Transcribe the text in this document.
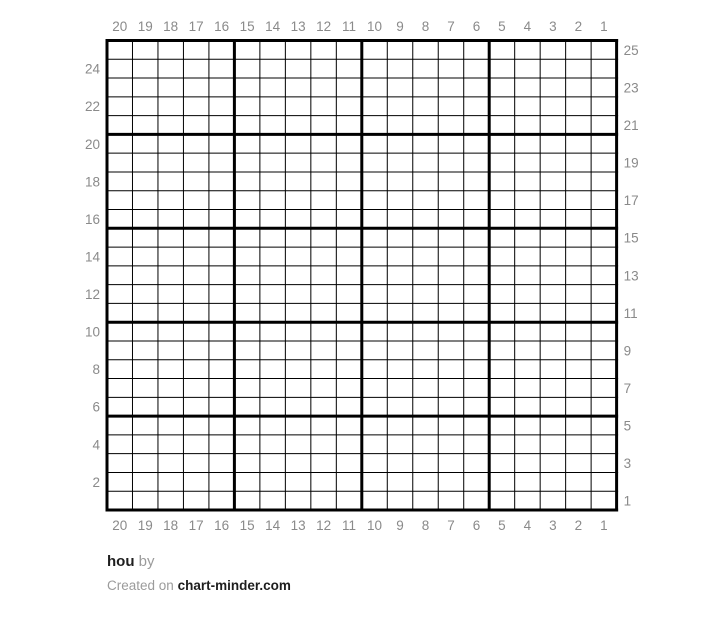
20 19 18 17 16 15 14 13 12 11 10 9 8 7 6 5 4 3 2 1
20 19 18 17 16 15 14 13 12 11 10 9 8 7 6 5 4 3 2 1
24
22
20
18
16
14
12
10
8
6
4
2
25
23
21
19
17
15
13
11
9
7
5
3
1

hou by

Created on chart-minder.com
